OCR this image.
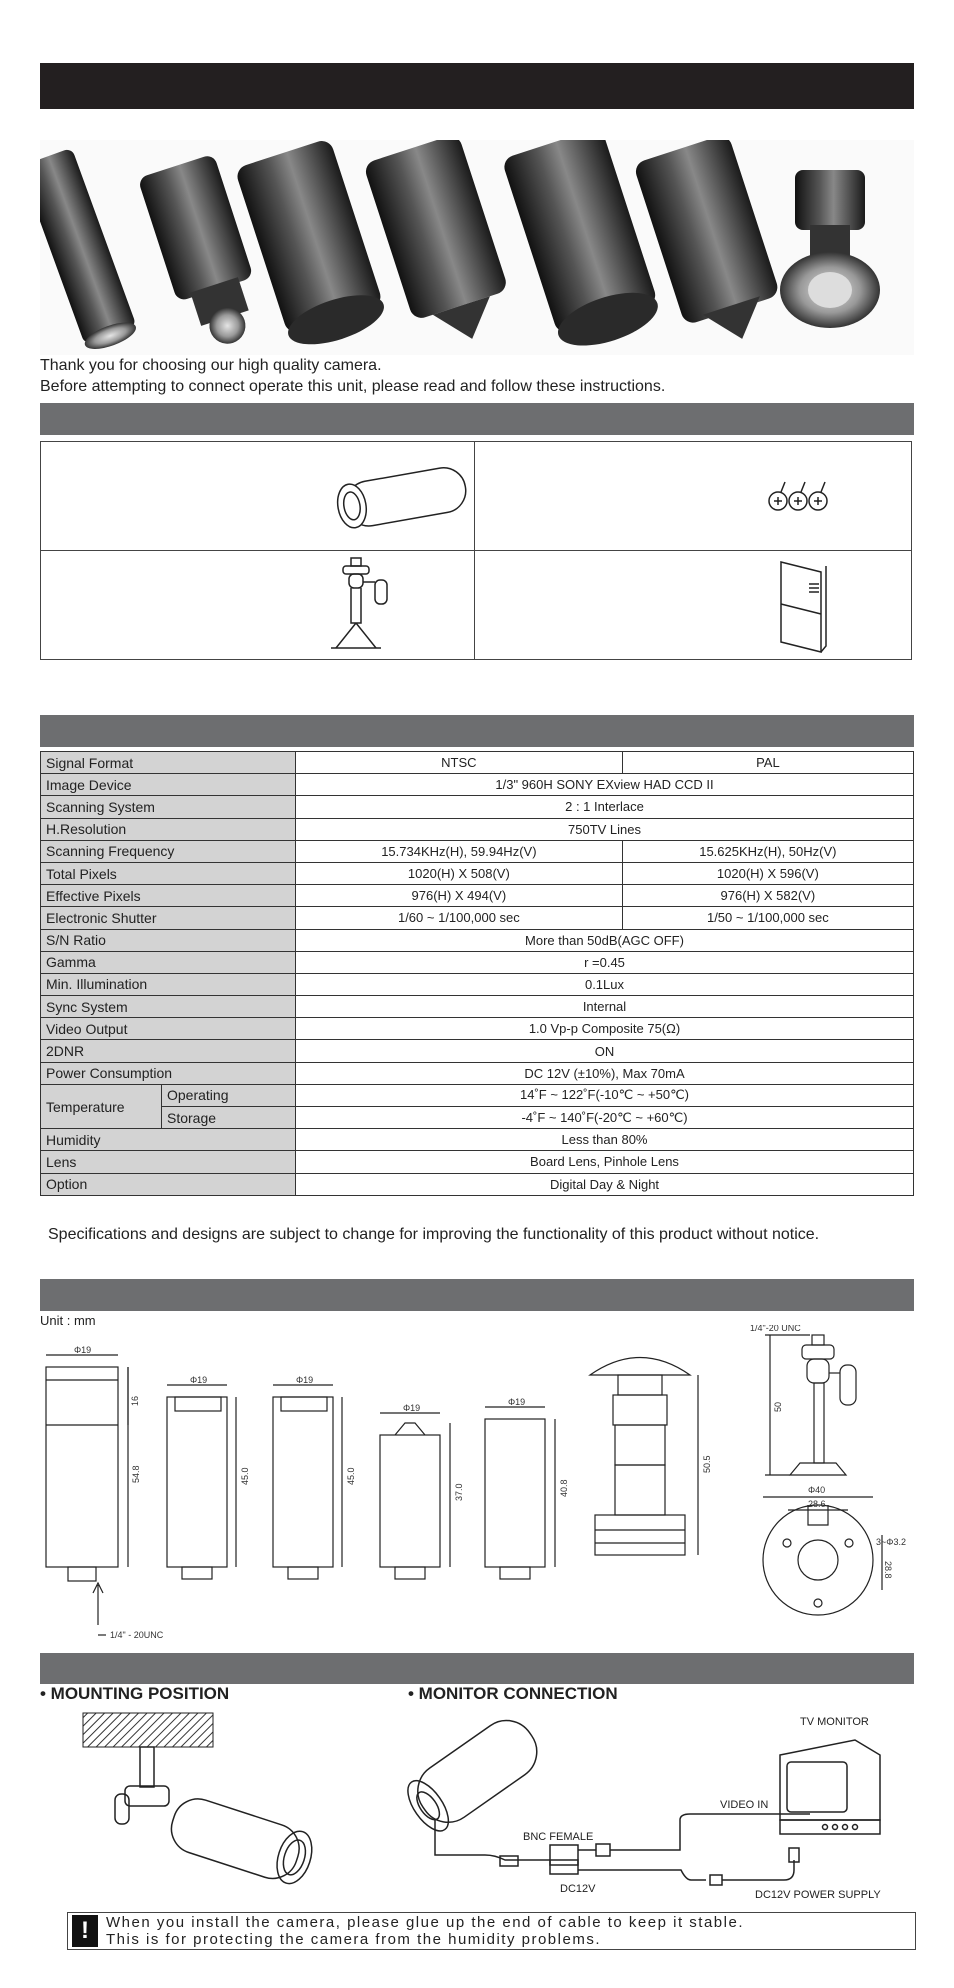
Thank you for choosing our high quality camera.
Before attempting to connect operate this unit, please read and follow these instructions.
Signal Format		NTSC	PAL
Image Device		1/3" 960H SONY EXview HAD CCD II	
Scanning System		2 : 1 Interlace	
H.Resolution		750TV Lines	
Scanning Frequency		15.734KHz(H), 59.94Hz(V)	15.625KHz(H), 50Hz(V)
Total Pixels		1020(H) X 508(V)	1020(H) X 596(V)
Effective Pixels		976(H) X 494(V)	976(H) X 582(V)
Electronic Shutter		1/60 ~ 1/100,000 sec	1/50 ~ 1/100,000 sec
S/N Ratio		More than 50dB(AGC OFF)	
Gamma		r =0.45	
Min. Illumination		0.1Lux	
Sync System		Internal	
Video Output		1.0 Vp-p Composite 75(Ω)	
2DNR		ON	
Power Consumption		DC 12V (±10%), Max 70mA	
Temperature	Operating	14˚F ~ 122˚F(-10℃ ~ +50℃)	
	Storage	-4˚F ~ 140˚F(-20℃ ~ +60℃)	
Humidity		Less than 80%	
Lens		Board Lens, Pinhole Lens	
Option		Digital Day & Night	
Specifications and designs are subject to change for improving the functionality of this product without notice.
Unit : mm
Φ19
16
54.8
1/4" - 20UNC
Φ19
45.0
Φ19
45.0
Φ19
37.0
Φ19
40.8
50.5
50
1/4"-20 UNC
Φ40
28.6
3~Φ3.2
28.8
• MOUNTING POSITION	• MONITOR CONNECTION
TV MONITOR
VIDEO IN
BNC FEMALE
DC12V	DC12V POWER SUPPLY
!	When you install the camera, please glue up the end of cable to keep it stable.
This is for protecting the camera from the humidity problems.
